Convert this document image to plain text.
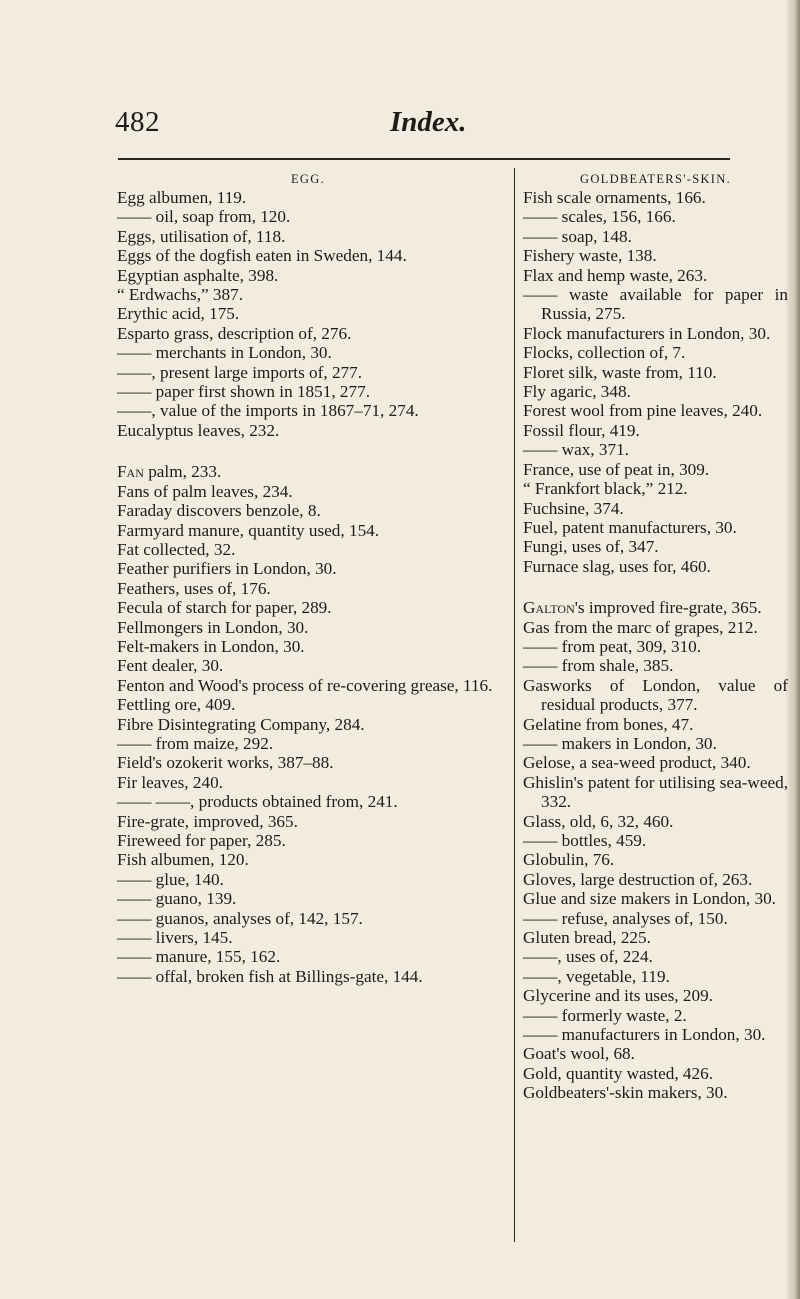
482	Index.
EGG.
Egg albumen, 119.
—— oil, soap from, 120.
Eggs, utilisation of, 118.
Eggs of the dogfish eaten in Sweden, 144.
Egyptian asphalte, 398.
“ Erdwachs,” 387.
Erythic acid, 175.
Esparto grass, description of, 276.
—— merchants in London, 30.
——, present large imports of, 277.
—— paper first shown in 1851, 277.
——, value of the imports in 1867–71, 274.
Eucalyptus leaves, 232.
Fan palm, 233.
Fans of palm leaves, 234.
Faraday discovers benzole, 8.
Farmyard manure, quantity used, 154.
Fat collected, 32.
Feather purifiers in London, 30.
Feathers, uses of, 176.
Fecula of starch for paper, 289.
Fellmongers in London, 30.
Felt-makers in London, 30.
Fent dealer, 30.
Fenton and Wood's process of re-covering grease, 116.
Fettling ore, 409.
Fibre Disintegrating Company, 284.
—— from maize, 292.
Field's ozokerit works, 387–88.
Fir leaves, 240.
—— ——, products obtained from, 241.
Fire-grate, improved, 365.
Fireweed for paper, 285.
Fish albumen, 120.
—— glue, 140.
—— guano, 139.
—— guanos, analyses of, 142, 157.
—— livers, 145.
—— manure, 155, 162.
—— offal, broken fish at Billings-gate, 144.
GOLDBEATERS'-SKIN.
Fish scale ornaments, 166.
—— scales, 156, 166.
—— soap, 148.
Fishery waste, 138.
Flax and hemp waste, 263.
—— waste available for paper in Russia, 275.
Flock manufacturers in London, 30.
Flocks, collection of, 7.
Floret silk, waste from, 110.
Fly agaric, 348.
Forest wool from pine leaves, 240.
Fossil flour, 419.
—— wax, 371.
France, use of peat in, 309.
“ Frankfort black,” 212.
Fuchsine, 374.
Fuel, patent manufacturers, 30.
Fungi, uses of, 347.
Furnace slag, uses for, 460.
Galton's improved fire-grate, 365.
Gas from the marc of grapes, 212.
—— from peat, 309, 310.
—— from shale, 385.
Gasworks of London, value of residual products, 377.
Gelatine from bones, 47.
—— makers in London, 30.
Gelose, a sea-weed product, 340.
Ghislin's patent for utilising sea-weed, 332.
Glass, old, 6, 32, 460.
—— bottles, 459.
Globulin, 76.
Gloves, large destruction of, 263.
Glue and size makers in London, 30.
—— refuse, analyses of, 150.
Gluten bread, 225.
——, uses of, 224.
——, vegetable, 119.
Glycerine and its uses, 209.
—— formerly waste, 2.
—— manufacturers in London, 30.
Goat's wool, 68.
Gold, quantity wasted, 426.
Goldbeaters'-skin makers, 30.
